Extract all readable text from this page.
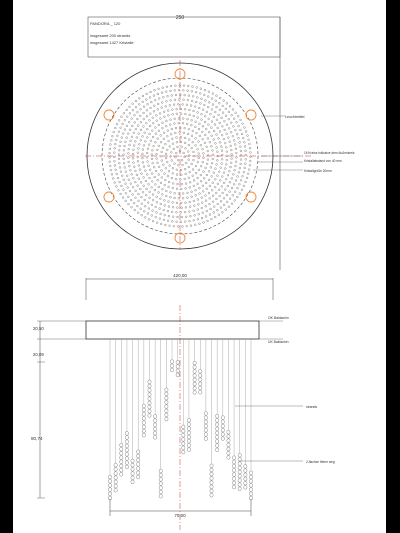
250
PANDORA _ 120
insgesamt 200 strands
insgesamt 1427 Kristalle
Leuchtmittel
16 Kreise inklusive dem Außenkreis
Kristallabstand von 40 mm
Kristallgröße 20mm
420,00
OK Baldachin
UK Baldachin
20,50
20,09
80,74
70,00
strands
2-flachen fieber weg
